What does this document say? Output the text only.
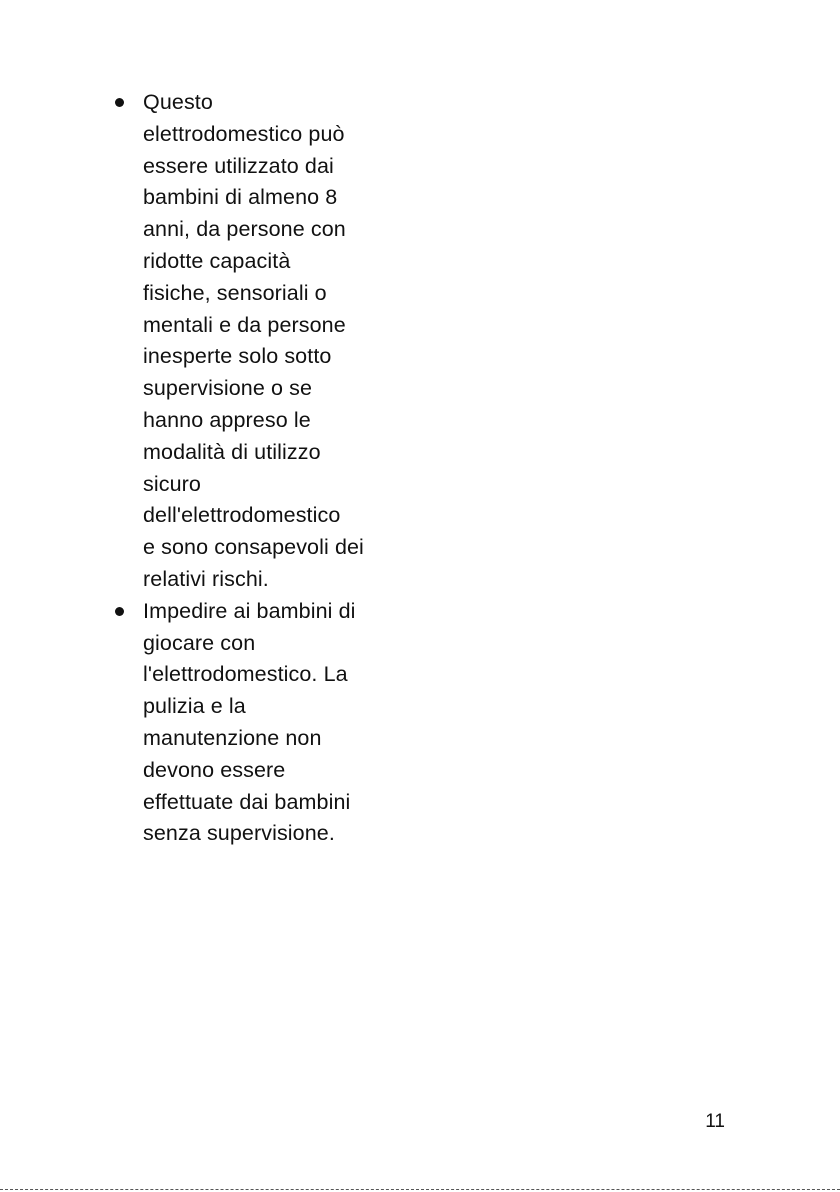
Questo
elettrodomestico può
essere utilizzato dai
bambini di almeno 8
anni, da persone con
ridotte capacità
fisiche, sensoriali o
mentali e da persone
inesperte solo sotto
supervisione o se
hanno appreso le
modalità di utilizzo
sicuro
dell'elettrodomestico
e sono consapevoli dei
relativi rischi.
Impedire ai bambini di
giocare con
l'elettrodomestico. La
pulizia e la
manutenzione non
devono essere
effettuate dai bambini
senza supervisione.
11
